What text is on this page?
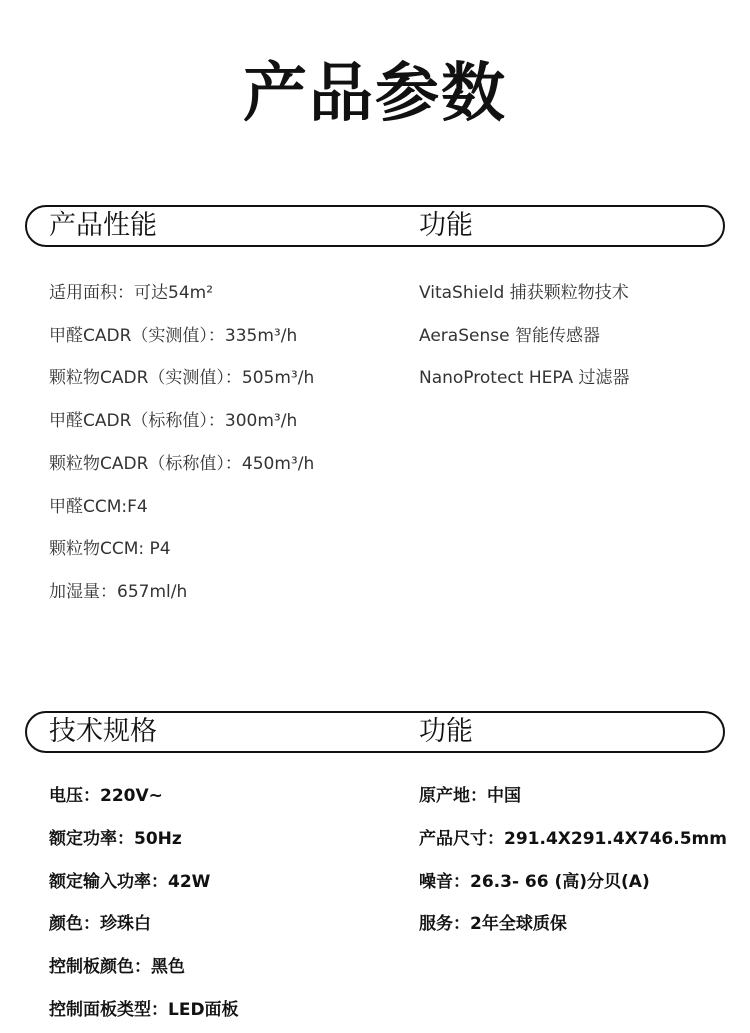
产品参数
产品性能	功能
适用面积：可达54m²
甲醛CADR（实测值）：335m³/h
颗粒物CADR（实测值）：505m³/h
甲醛CADR（标称值）：300m³/h
颗粒物CADR（标称值）：450m³/h
甲醛CCM:F4
颗粒物CCM: P4
加湿量：657ml/h
VitaShield 捕获颗粒物技术
AeraSense 智能传感器
NanoProtect HEPA 过滤器
技术规格	功能
电压：220V~
额定功率：50Hz
额定输入功率：42W
颜色：珍珠白
控制板颜色：黑色
控制面板类型：LED面板
原产地：中国
产品尺寸：291.4X291.4X746.5mm
噪音：26.3- 66 (高)分贝(A)
服务：2年全球质保
